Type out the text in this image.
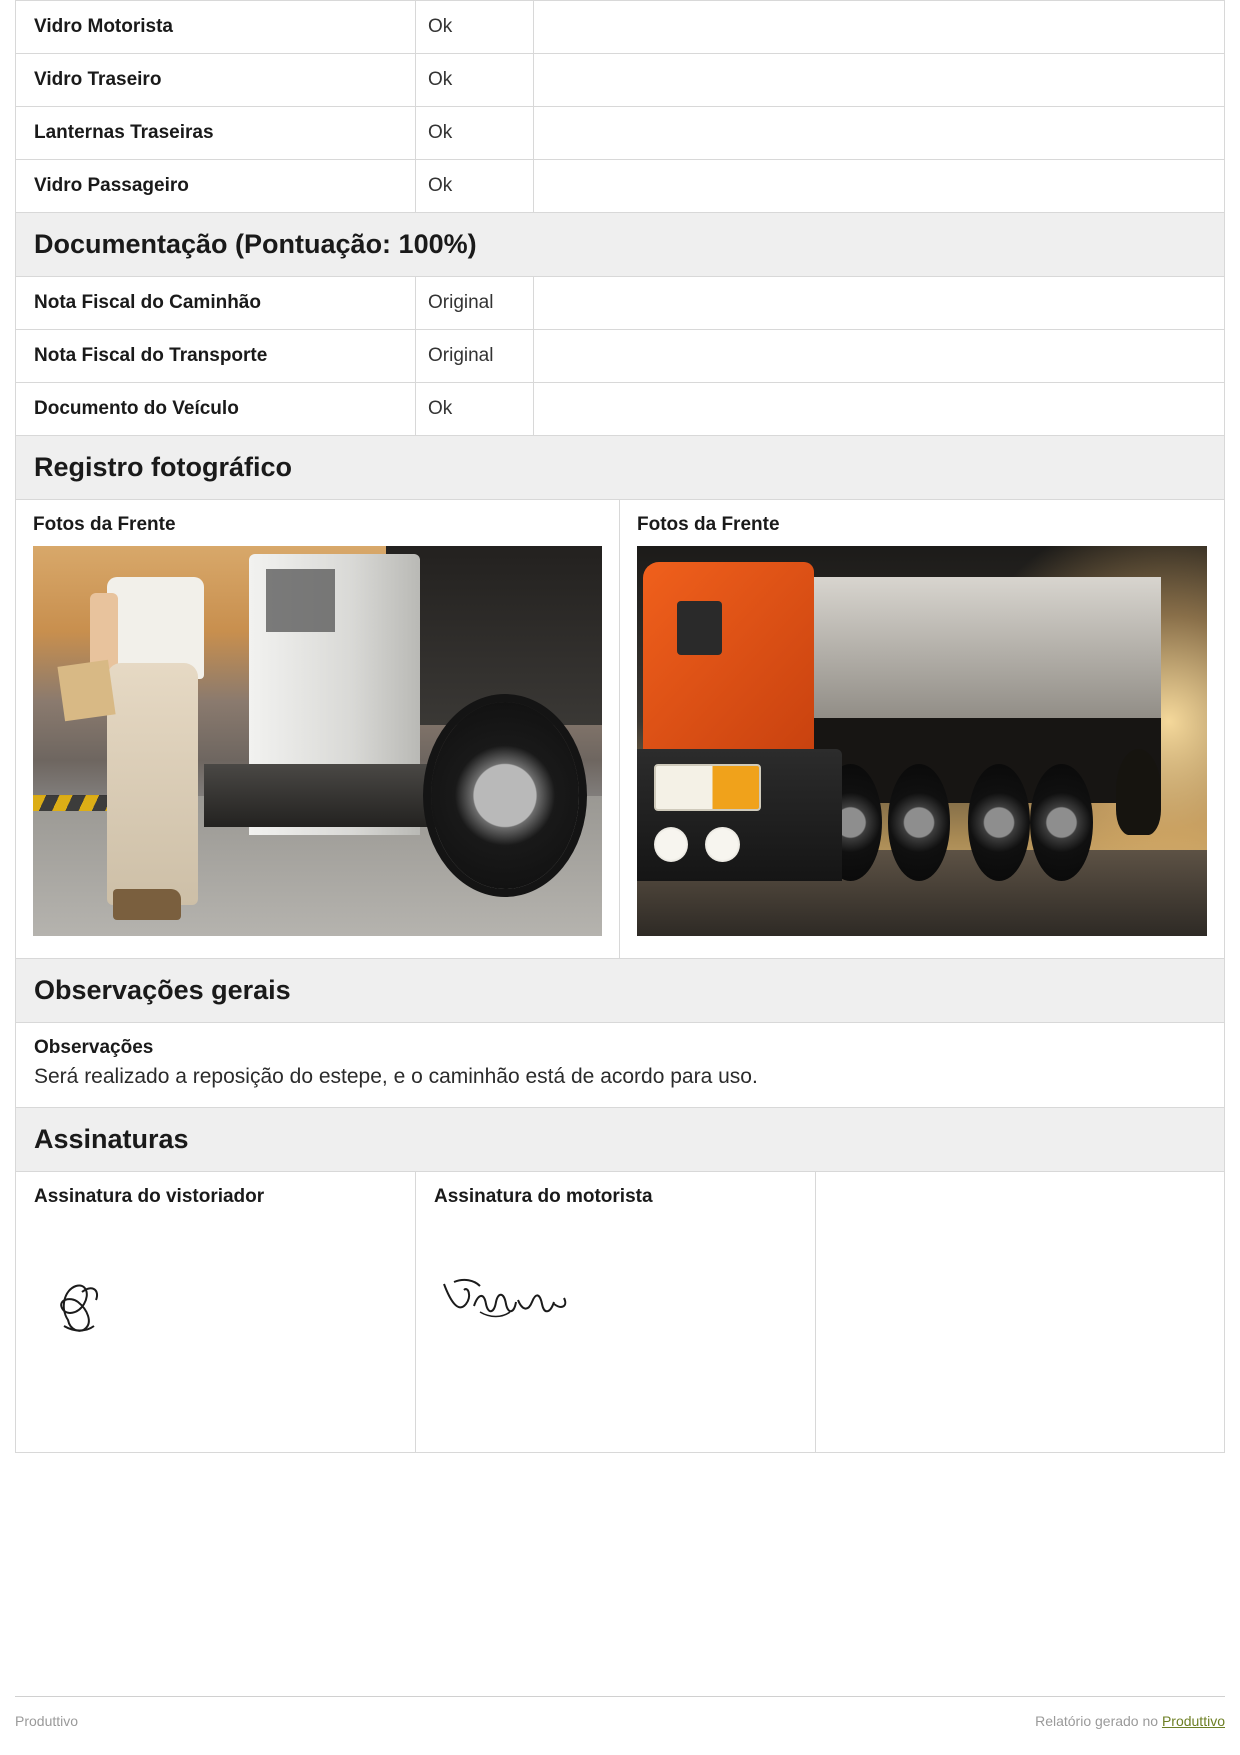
Vidro Motorista	Ok
Vidro Traseiro	Ok
Lanternas Traseiras	Ok
Vidro Passageiro	Ok
Documentação (Pontuação: 100%)
Nota Fiscal do Caminhão	Original
Nota Fiscal do Transporte	Original
Documento do Veículo	Ok
Registro fotográfico
Fotos da Frente	Fotos da Frente
Observações gerais
Observações
Será realizado a reposição do estepe, e o caminhão está de acordo para uso.
Assinaturas
Assinatura do vistoriador	Assinatura do motorista
Produttivo	Relatório gerado no Produttivo
